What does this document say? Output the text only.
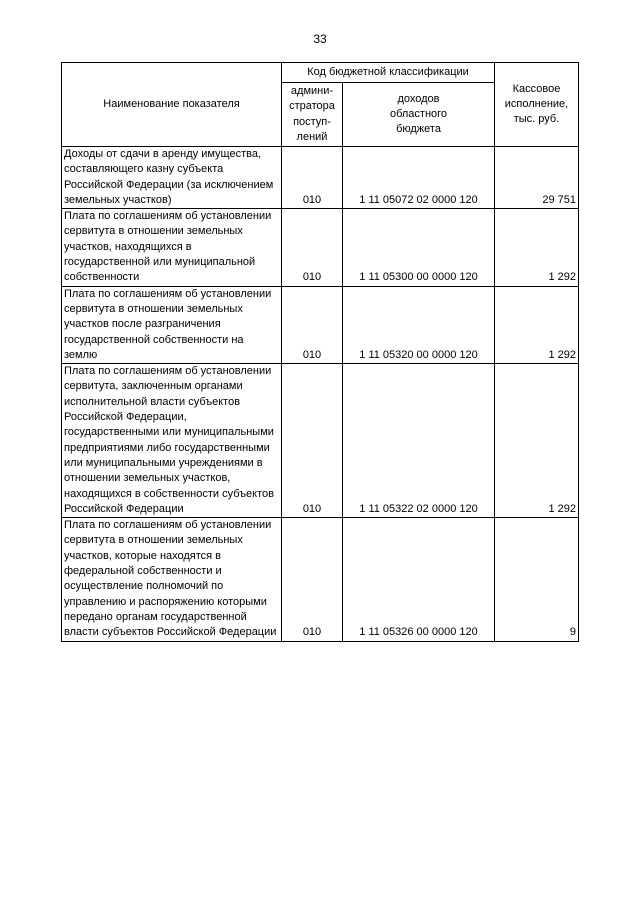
33
Наименование показателя	Код бюджетной классификации		Кассовое
исполнение,
тыс. руб.

	админи-
стратора
поступ-
лений	доходов
областного
бюджета	

Доходы от сдачи в аренду имущества, составляющего казну субъекта Российской Федерации (за исключением земельных участков)	010	1 11 05072 02 0000 120	29 751
Плата по соглашениям об установлении сервитута в отношении земельных участков, находящихся в государственной или муниципальной собственности	010	1 11 05300 00 0000 120	1 292
Плата по соглашениям об установлении сервитута в отношении земельных участков после разграничения государственной собственности на землю	010	1 11 05320 00 0000 120	1 292
Плата по соглашениям об установлении сервитута, заключенным органами исполнительной власти субъектов Российской Федерации, государственными или муниципальными предприятиями либо государственными или муниципальными учреждениями в отношении земельных участков, находящихся в собственности субъектов Российской Федерации	010	1 11 05322 02 0000 120	1 292
Плата по соглашениям об установлении сервитута в отношении земельных участков, которые находятся в федеральной собственности и осуществление полномочий по управлению и распоряжению которыми передано органам государственной власти субъектов Российской Федерации	010	1 11 05326 00 0000 120	9
